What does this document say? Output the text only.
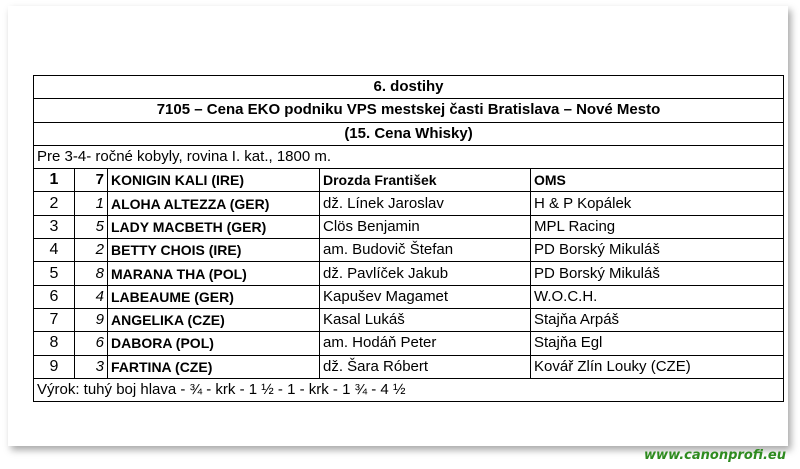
6. dostihy				
7105 – Cena EKO podniku VPS mestskej časti Bratislava – Nové Mesto				
(15. Cena Whisky)				
Pre 3-4- ročné kobyly, rovina I. kat., 1800 m.				
1	7	KONIGIN KALI (IRE)	Drozda František	OMS
2	1	ALOHA ALTEZZA (GER)	dž. Línek Jaroslav	H & P Kopálek
3	5	LADY MACBETH (GER)	Clös Benjamin	MPL Racing
4	2	BETTY CHOIS (IRE)	am. Budovič Štefan	PD Borský Mikuláš
5	8	MARANA THA (POL)	dž. Pavlíček Jakub	PD Borský Mikuláš
6	4	LABEAUME (GER)	Kapušev Magamet	W.O.C.H.
7	9	ANGELIKA (CZE)	Kasal Lukáš	Stajňa Arpáš
8	6	DABORA (POL)	am. Hodáň Peter	Stajňa Egl
9	3	FARTINA (CZE)	dž. Šara Róbert	Kovář Zlín Louky (CZE)
Výrok: tuhý boj hlava - ¾ - krk - 1 ½ - 1 - krk - 1 ¾ - 4 ½				
www.canonprofi.eu
